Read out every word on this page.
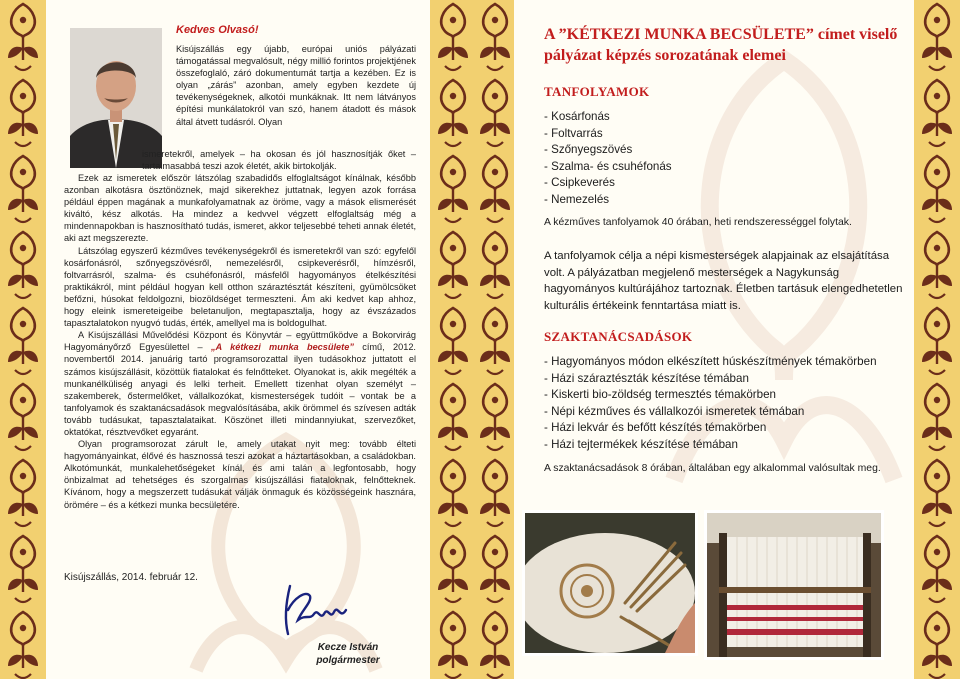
Kedves Olvasó!

Kisújszállás egy újabb, európai uniós pályázati támogatással megvalósult, négy millió forintos projektjének összefoglaló, záró dokumentumát tartja a kezében. Ez is olyan „zárás” azonban, amely egyben kezdete új tevékenységeknek, alkotói munkáknak. Itt nem látványos építési munkálatokról van szó, hanem átadott és mások által átvett tudásról. Olyan

ismeretekről, amelyek – ha okosan és jól hasznosítják őket – tartalmasabbá teszi azok életét, akik birtokolják.

Ezek az ismeretek először látszólag szabadidős elfoglaltságot kínálnak, később azonban alkotásra ösztönöznek, majd sikerekhez juttatnak, legyen azok forrása például éppen magának a munkafolyamatnak az öröme, vagy a mások elismerését kiváltó, kész alkotás. Ha mindez a kedvvel végzett elfoglaltság még a mindennapokban is hasznosítható tudás, ismeret, akkor teljesebbé teheti annak életét, aki azt megszerezte.

Látszólag egyszerű kézműves tevékenységekről és ismeretekről van szó: egyfelől kosárfonásról, szőnyegszövésről, nemezelésről, csipkeverésről, hímzésről, foltvarrásról, szalma- és csuhéfonásról, másfelől hagyományos ételkészítési praktikákról, mint például hogyan kell otthon száraztésztát készíteni, gyümölcsöket befőzni, húsokat feldolgozni, biozöldséget termeszteni. Ám aki kedvet kap ahhoz, hogy eleink ismereteigeibe beletanuljon, megtapasztalja, hogy az évszázados tapasztalatokon nyugvó tudás, érték, amellyel ma is boldogulhat.

A Kisújszállási Művelődési Központ és Könyvtár – együttműködve a Bokorvirág Hagyományőrző Egyesülettel – „A kétkezi munka becsülete” című, 2012. novembertől 2014. januárig tartó programsorozattal ilyen tudásokhoz juttatott el számos kisújszállásit, közöttük fiatalokat és felnőtteket. Olyanokat is, akik megélték a munkanélküliség anyagi és lelki terheit. Emellett tizenhat olyan személyt – szakemberek, őstermelőket, vállalkozókat, kismesterségek tudóit – vontak be a tanfolyamok és szaktanácsadások megvalósításába, akik örömmel és szívesen adták tovább tudásukat, tapasztalataikat. Köszönet illeti mindannyiukat, szervezőket, oktatókat, résztvevőket egyaránt.

Olyan programsorozat zárult le, amely utakat nyit meg: tovább élteti hagyományainkat, élővé és hasznossá teszi azokat a háztartásokban, a családokban. Alkotómunkát, munkalehetőségeket kínál, és ami talán a legfontosabb, hogy önbizalmat ad tehetséges és szorgalmas kisújszállási fiataloknak, felnőtteknek. Kívánom, hogy a megszerzett tudásukat válják önmaguk és közösségeink hasznára, örömére – és a kétkezi munka becsületére.

Kisújszállás, 2014. február 12.
Kecze István
polgármester
A ”KÉTKEZI MUNKA BECSÜLETE” címet viselő pályázat képzés sorozatának elemei
TANFOLYAMOK
- Kosárfonás
- Foltvarrás
- Szőnyegszövés
- Szalma- és csuhéfonás
- Csipkeverés
- Nemezelés
A kézműves tanfolyamok 40 órában, heti rendszerességgel folytak.
A tanfolyamok célja a népi kismesterségek alapjainak az elsajátítása volt. A pályázatban megjelenő mesterségek a Nagykunság hagyományos kultúrájához tartoznak. Életben tartásuk elengedhetetlen kulturális értékeink fenntartása miatt is.
SZAKTANÁCSADÁSOK
- Hagyományos módon elkészített húskészítmények témakörben
- Házi száraztészták készítése témában
- Kiskerti bio-zöldség termesztés témakörben
- Népi kézműves és vállalkozói ismeretek témában
- Házi lekvár és befőtt készítés témakörben
- Házi tejtermékek készítése témában
A szaktanácsadások 8 órában, általában egy alkalommal valósultak meg.
